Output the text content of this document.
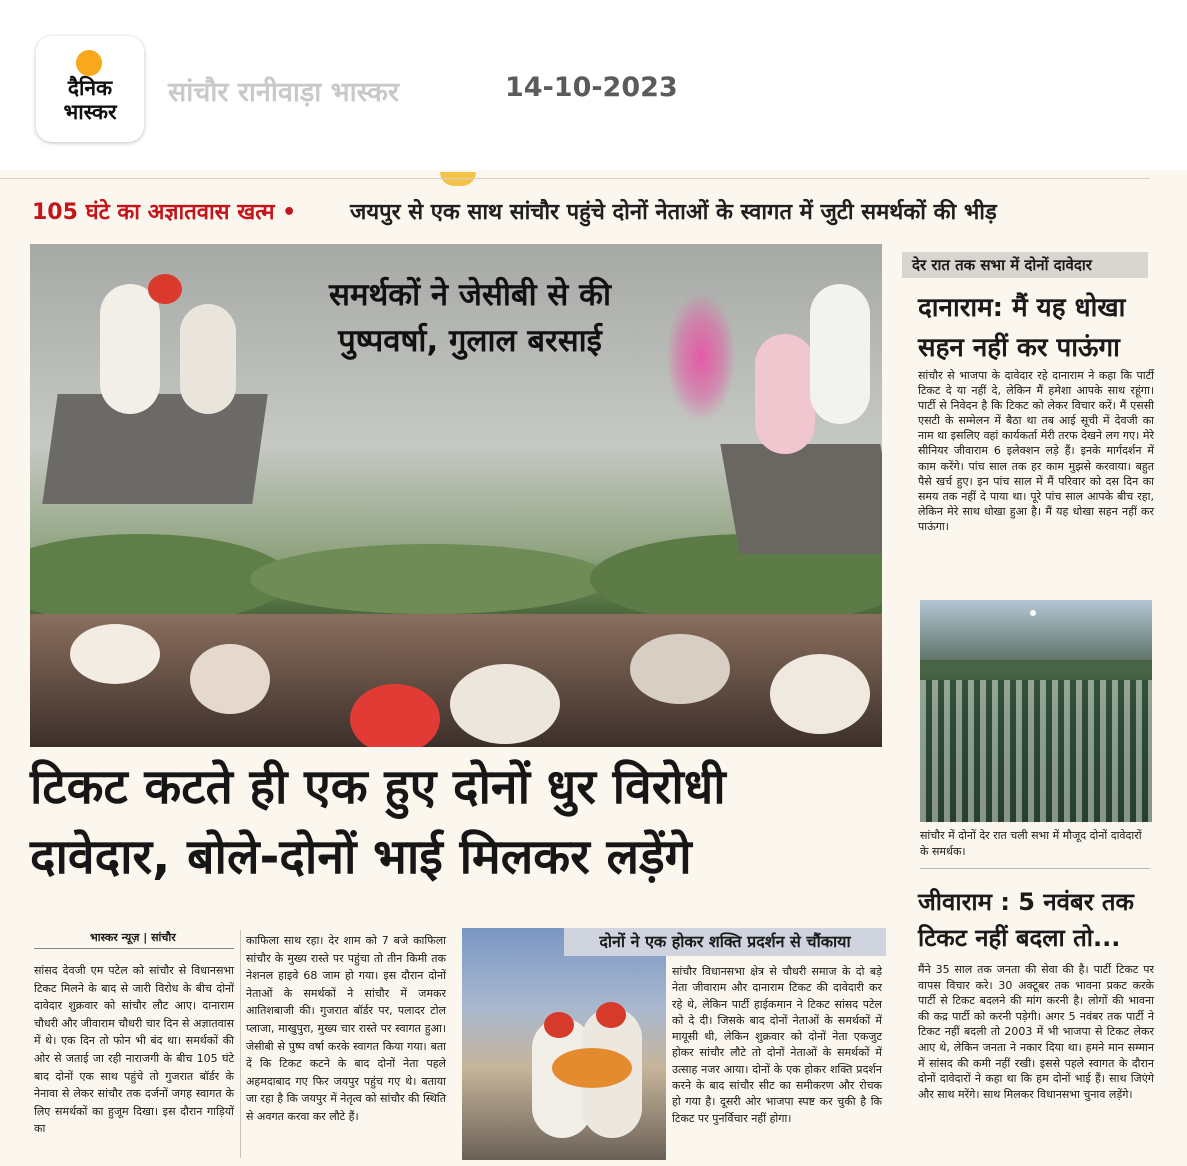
दैनिक
भास्कर
सांचौर रानीवाड़ा भास्कर	14-10-2023
105 घंटे का अज्ञातवास खत्म • जयपुर से एक साथ सांचौर पहुंचे दोनों नेताओं के स्वागत में जुटी समर्थकों की भीड़
समर्थकों ने जेसीबी से की
पुष्पवर्षा, गुलाल बरसाई
टिकट कटते ही एक हुए दोनों धुर विरोधी
दावेदार, बोले-दोनों भाई मिलकर लड़ेंगे
देर रात तक सभा में दोनों दावेदार
दानाराम: मैं यह धोखा
सहन नहीं कर पाऊंगा
सांचौर से भाजपा के दावेदार रहे दानाराम ने कहा कि पार्टी टिकट दे या नहीं दे, लेकिन मैं हमेशा आपके साथ रहूंगा। पार्टी से निवेदन है कि टिकट को लेकर विचार करें। मैं एससी एसटी के सम्मेलन में बैठा था तब आई सूची में देवजी का नाम था इसलिए वहां कार्यकर्ता मेरी तरफ देखने लग गए। मेरे सीनियर जीवाराम 6 इलेक्शन लड़े हैं। इनके मार्गदर्शन में काम करेंगे। पांच साल तक हर काम मुझसे करवाया। बहुत पैसे खर्च हुए। इन पांच साल में मैं परिवार को दस दिन का समय तक नहीं दे पाया था। पूरे पांच साल आपके बीच रहा, लेकिन मेरे साथ धोखा हुआ है। मैं यह धोखा सहन नहीं कर पाऊंगा।
सांचौर में दोनों देर रात चली सभा में मौजूद दोनों दावेदारों के समर्थक।
जीवाराम : 5 नवंबर तक
टिकट नहीं बदला तो...
मैंने 35 साल तक जनता की सेवा की है। पार्टी टिकट पर वापस विचार करे। 30 अक्टूबर तक भावना प्रकट करके पार्टी से टिकट बदलने की मांग करनी है। लोगों की भावना की कद्र पार्टी को करनी पड़ेगी। अगर 5 नवंबर तक पार्टी ने टिकट नहीं बदली तो 2003 में भी भाजपा से टिकट लेकर आए थे, लेकिन जनता ने नकार दिया था। हमने मान सम्मान में सांसद की कमी नहीं रखी। इससे पहले स्वागत के दौरान दोनों दावेदारों ने कहा था कि हम दोनों भाई हैं। साथ जिएंगे और साथ मरेंगे। साथ मिलकर विधानसभा चुनाव लड़ेंगे।
भास्कर न्यूज़ | सांचौर
सांसद देवजी एम पटेल को सांचौर से विधानसभा टिकट मिलने के बाद से जारी विरोध के बीच दोनों दावेदार शुक्रवार को सांचौर लौट आए। दानाराम चौधरी और जीवाराम चौधरी चार दिन से अज्ञातवास में थे। एक दिन तो फोन भी बंद था। समर्थकों की ओर से जताई जा रही नाराजगी के बीच 105 घंटे बाद दोनों एक साथ पहुंचे तो गुजरात बॉर्डर के नेनावा से लेकर सांचौर तक दर्जनों जगह स्वागत के लिए समर्थकों का हुजूम दिखा। इस दौरान गाड़ियों का
काफिला साथ रहा। देर शाम को 7 बजे काफिला सांचौर के मुख्य रास्ते पर पहुंचा तो तीन किमी तक नेशनल हाइवे 68 जाम हो गया। इस दौरान दोनों नेताओं के समर्थकों ने सांचौर में जमकर आतिशबाजी की। गुजरात बॉर्डर पर, पलादर टोल प्लाजा, माखुपुरा, मुख्य चार रास्ते पर स्वागत हुआ। जेसीबी से पुष्प वर्षा करके स्वागत किया गया। बता दें कि टिकट कटने के बाद दोनों नेता पहले अहमदाबाद गए फिर जयपुर पहुंच गए थे। बताया जा रहा है कि जयपुर में नेतृत्व को सांचौर की स्थिति से अवगत करवा कर लौटे हैं।
दोनों ने एक होकर शक्ति प्रदर्शन से चौंकाया
सांचौर विधानसभा क्षेत्र से चौधरी समाज के दो बड़े नेता जीवाराम और दानाराम टिकट की दावेदारी कर रहे थे, लेकिन पार्टी हाईकमान ने टिकट सांसद पटेल को दे दी। जिसके बाद दोनों नेताओं के समर्थकों में मायूसी थी, लेकिन शुक्रवार को दोनों नेता एकजुट होकर सांचौर लौटे तो दोनों नेताओं के समर्थकों में उत्साह नजर आया। दोनों के एक होकर शक्ति प्रदर्शन करने के बाद सांचौर सीट का समीकरण और रोचक हो गया है। दूसरी ओर भाजपा स्पष्ट कर चुकी है कि टिकट पर पुनर्विचार नहीं होगा।
